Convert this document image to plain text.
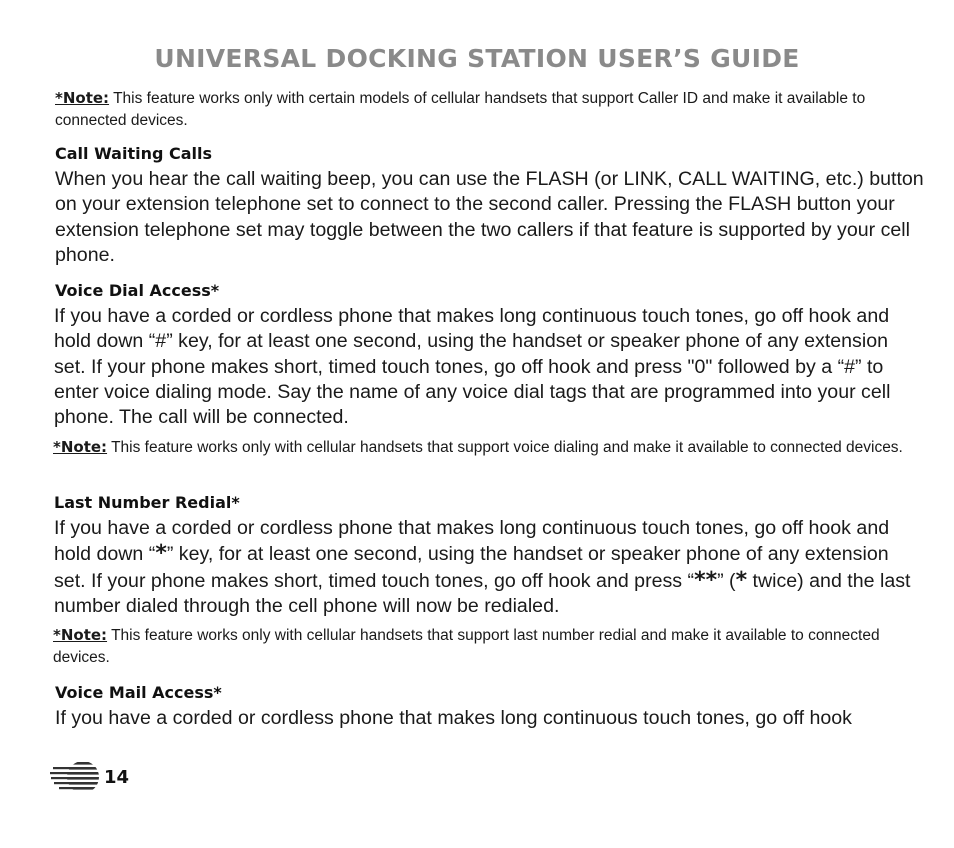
UNIVERSAL DOCKING STATION USER’S GUIDE

*Note: This feature works only with certain models of cellular handsets that support Caller ID and make it available to connected devices.

Call Waiting Calls

When you hear the call waiting beep, you can use the FLASH (or LINK, CALL WAITING, etc.) button on your extension telephone set to connect to the second caller. Pressing the FLASH button your extension telephone set may toggle between the two callers if that feature is supported by your cell phone.

Voice Dial Access*

If you have a corded or cordless phone that makes long continuous touch tones, go off hook and hold down “#” key, for at least one second, using the handset or speaker phone of any extension set. If your phone makes short, timed touch tones, go off hook and press "0" followed by a “#” to enter voice dialing mode. Say the name of any voice dial tags that are programmed into your cell phone. The call will be connected.

*Note: This feature works only with cellular handsets that support voice dialing and make it available to connected devices.

Last Number Redial*

If you have a corded or cordless phone that makes long continuous touch tones, go off hook and hold down “*” key, for at least one second, using the handset or speaker phone of any extension set. If your phone makes short, timed touch tones, go off hook and press “**” (* twice) and the last number dialed through the cell phone will now be redialed.

*Note: This feature works only with cellular handsets that support last number redial and make it available to connected devices.

Voice Mail Access*

If you have a corded or cordless phone that makes long continuous touch tones, go off hook

14
